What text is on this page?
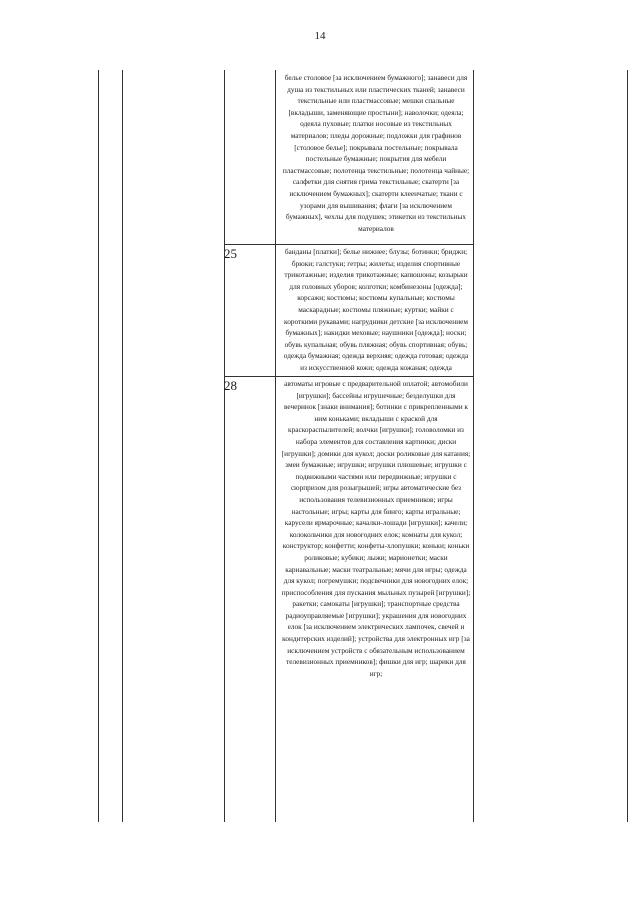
14
белье столовое [за исключением бумажного]; занавеси для душа из текстильных или пластических тканей; занавеси текстильные или пластмассовые; мешки спальные [вкладыши, заменяющие простыни]; наволочки; одеяла; одеяла пуховые; платки носовые из текстильных материалов; пледы дорожные; подложки для графинов [столовое белье]; покрывала постельные; покрывала постельные бумажные; покрытия для мебели пластмассовые; полотенца текстильные; полотенца чайные; салфетки для снятия грима текстильные; скатерти [за исключением бумажных]; скатерти клеенчатые; ткани с узорами для вышивания; флаги [за исключением бумажных], чехлы для подушек; этикетки из текстильных материалов
25	банданы [платки]; белье нижнее; блузы; ботинки; бриджи; брюки; галстуки; гетры; жилеты; изделия спортивные трикотажные; изделия трикотажные; капюшоны; козырьки для головных уборов; колготки; комбинезоны [одежда]; корсажи; костюмы; костюмы купальные; костюмы маскарадные; костюмы пляжные; куртки; майки с короткими рукавами; нагрудники детские [за исключением бумажных]; накидки меховые; наушники [одежда]; носки; обувь купальная; обувь пляжная; обувь спортивная; обувь; одежда бумажная; одежда верхняя; одежда готовая; одежда из искусственной кожи; одежда кожаная; одежда
28	автоматы игровые с предварительной оплатой; автомобили [игрушки]; бассейны игрушечные; безделушки для вечеринок [знаки внимания]; ботинки с прикрепленными к ним коньками; вкладыши с краской для краскораспылителей; волчки [игрушки]; головоломки из набора элементов для составления картинки; диски [игрушки]; домики для кукол; доски роликовые для катания; змеи бумажные; игрушки; игрушки плюшевые; игрушки с подвижными частями или передвижные; игрушки с сюрпризом для розыгрышей; игры автоматические без использования телевизионных приемников; игры настольные; игры; карты для бинго; карты игральные; карусели ярмарочные; качалки-лошади [игрушки]; качели; колокольчики для новогодних елок; комнаты для кукол; конструктор; конфетти; конфеты-хлопушки; коньки; коньки роликовые; кубики; лыжи; марионетки; маски карнавальные; маски театральные; мячи для игры; одежда для кукол; погремушки; подсвечники для новогодних елок; приспособления для пускания мыльных пузырей [игрушки]; ракетки; самокаты [игрушки]; транспортные средства радиоуправляемые [игрушки]; украшения для новогодних елок [за исключением электрических лампочек, свечей и кондитерских изделий]; устройства для электронных игр [за исключением устройств с обязательным использованием телевизионных приемников]; фишки для игр; шарики для игр;
